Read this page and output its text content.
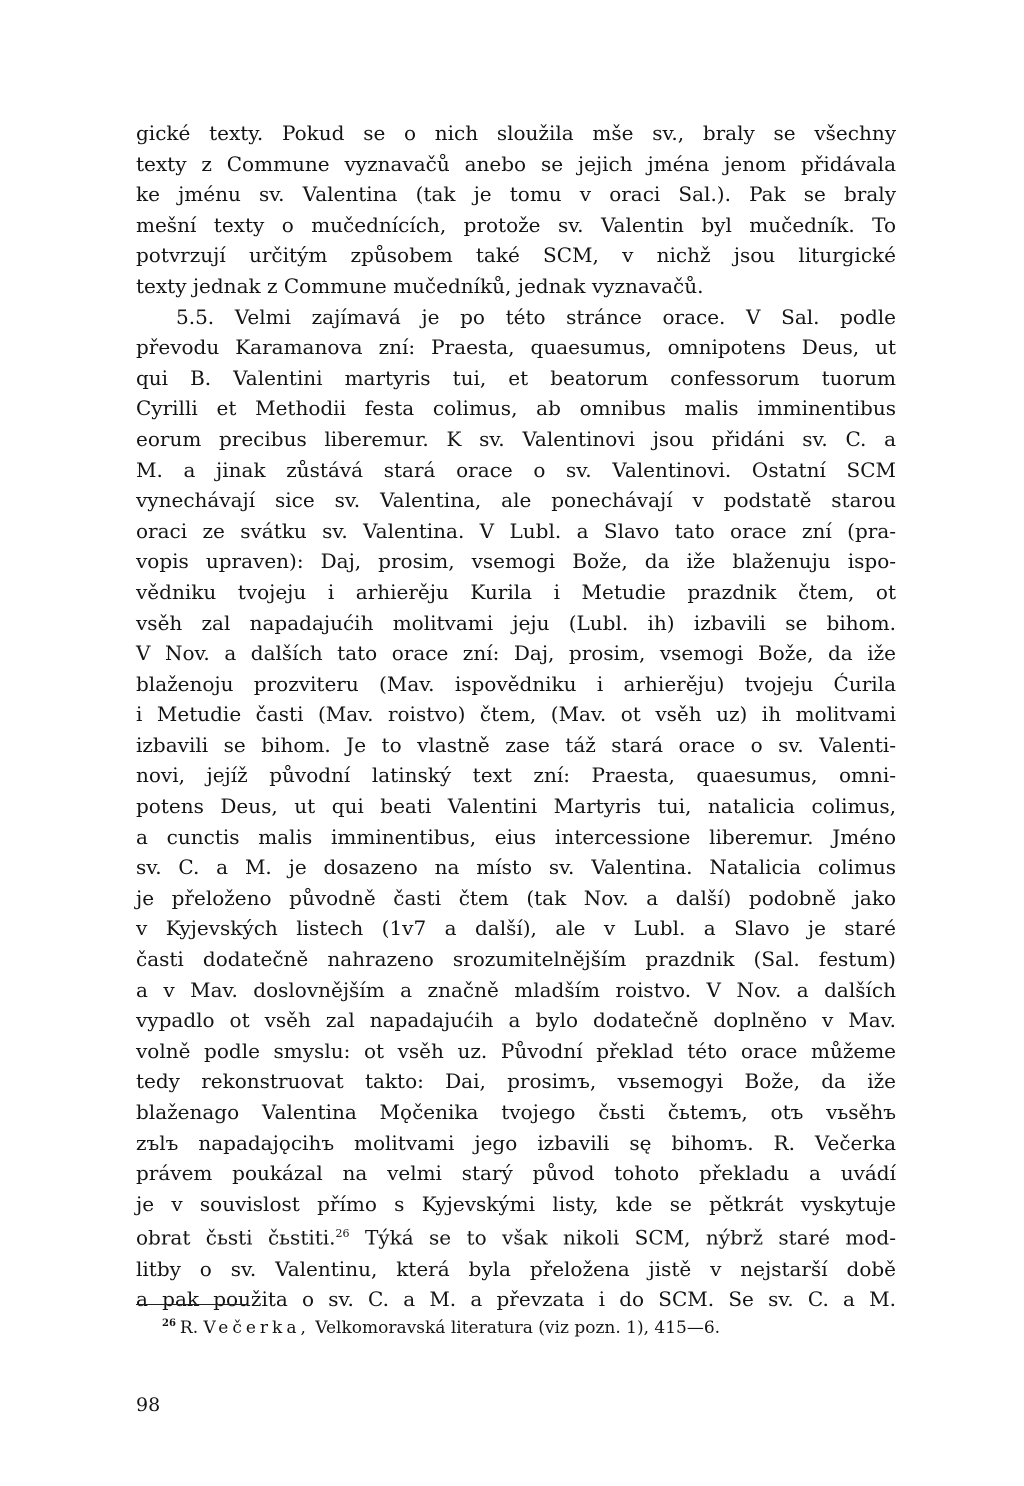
gické texty. Pokud se o nich sloužila mše sv., braly se všechny
texty z Commune vyznavačů anebo se jejich jména jenom přidávala
ke jménu sv. Valentina (tak je tomu v oraci Sal.). Pak se braly
mešní texty o mučednících, protože sv. Valentin byl mučedník. To
potvrzují určitým způsobem také SCM, v nichž jsou liturgické
texty jednak z Commune mučedníků, jednak vyznavačů.
5.5. Velmi zajímavá je po této stránce orace. V Sal. podle
převodu Karamanova zní: Praesta, quaesumus, omnipotens Deus, ut
qui B. Valentini martyris tui, et beatorum confessorum tuorum
Cyrilli et Methodii festa colimus, ab omnibus malis imminentibus
eorum precibus liberemur. K sv. Valentinovi jsou přidáni sv. C. a
M. a jinak zůstává stará orace o sv. Valentinovi. Ostatní SCM
vynechávají sice sv. Valentina, ale ponechávají v podstatě starou
oraci ze svátku sv. Valentina. V Lubl. a Slavo tato orace zní (pra-
vopis upraven): Daj, prosim, vsemogi Bože, da iže blaženuju ispo-
vědniku tvojeju i arhierěju Kurila i Metudie prazdnik čtem, ot
vsěh zal napadajućih molitvami jeju (Lubl. ih) izbavili se bihom.
V Nov. a dalších tato orace zní: Daj, prosim, vsemogi Bože, da iže
blaženoju prozviteru (Mav. ispovědniku i arhierěju) tvojeju Ćurila
i Metudie časti (Mav. roistvo) čtem, (Mav. ot vsěh uz) ih molitvami
izbavili se bihom. Je to vlastně zase táž stará orace o sv. Valenti-
novi, jejíž původní latinský text zní: Praesta, quaesumus, omni-
potens Deus, ut qui beati Valentini Martyris tui, natalicia colimus,
a cunctis malis imminentibus, eius intercessione liberemur. Jméno
sv. C. a M. je dosazeno na místo sv. Valentina. Natalicia colimus
je přeloženo původně časti čtem (tak Nov. a další) podobně jako
v Kyjevských listech (1v7 a další), ale v Lubl. a Slavo je staré
časti dodatečně nahrazeno srozumitelnějším prazdnik (Sal. festum)
a v Mav. doslovnějším a značně mladším roistvo. V Nov. a dalších
vypadlo ot vsěh zal napadajućih a bylo dodatečně doplněno v Mav.
volně podle smyslu: ot vsěh uz. Původní překlad této orace můžeme
tedy rekonstruovat takto: Dai, prosimъ, vьsemogyi Bože, da iže
blaženago Valentina Mǫčenika tvojego čьsti čьtemъ, otъ vьsěhъ
zъlъ napadajǫcihъ molitvami jego izbavili sę bihomъ. R. Večerka
právem poukázal na velmi starý původ tohoto překladu a uvádí
je v souvislost přímo s Kyjevskými listy, kde se pětkrát vyskytuje
obrat čьsti čьstiti.$^{26}$ Týká se to však nikoli SCM, nýbrž staré mod-
litby o sv. Valentinu, která byla přeložena jistě v nejstarší době
a pak použita o sv. C. a M. a převzata i do SCM. Se sv. C. a M.
$^{26}$ R. Večerka, Velkomoravská literatura (viz pozn. 1), 415—6.
98
